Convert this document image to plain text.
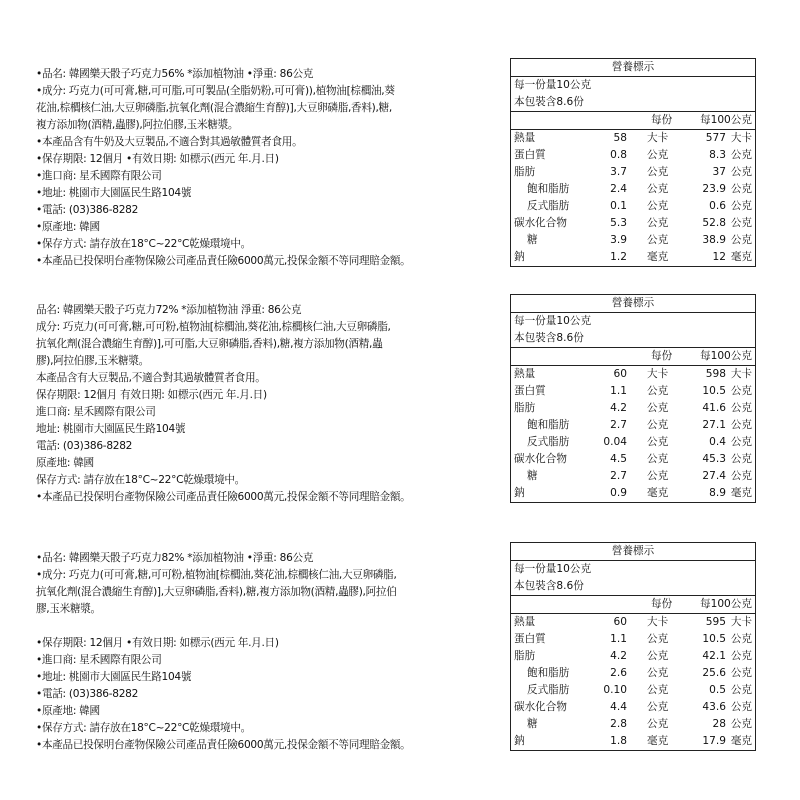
•品名: 韓國樂天骰子巧克力56% *添加植物油 •淨重: 86公克
•成分: 巧克力(可可膏,糖,可可脂,可可製品(全脂奶粉,可可膏)),植物油[棕櫚油,葵
花油,棕櫚核仁油,大豆卵磷脂,抗氧化劑(混合濃縮生育醇)],大豆卵磷脂,香料),糖,
複方添加物(酒精,蟲膠),阿拉伯膠,玉米糖漿。
•本產品含有牛奶及大豆製品,不適合對其過敏體質者食用。
•保存期限: 12個月 •有效日期: 如標示(西元 年.月.日)
•進口商: 星禾國際有限公司
•地址: 桃園市大園區民生路104號
•電話: (03)386-8282
•原產地: 韓國
•保存方式: 請存放在18°C~22°C乾燥環境中。
•本產品已投保明台產物保險公司產品責任險6000萬元,投保金額不等同理賠金額。
營養標示
每一份量10公克
本包裝含8.6份
每份	每100公克
熱量	58 大卡	577 大卡
蛋白質	0.8 公克	8.3 公克
脂肪	3.7 公克	37 公克
飽和脂肪	2.4 公克	23.9 公克
反式脂肪	0.1 公克	0.6 公克
碳水化合物	5.3 公克	52.8 公克
糖	3.9 公克	38.9 公克
鈉	1.2 毫克	12 毫克
品名: 韓國樂天骰子巧克力72% *添加植物油 淨重: 86公克
成分: 巧克力(可可膏,糖,可可粉,植物油[棕櫚油,葵花油,棕櫚核仁油,大豆卵磷脂,
抗氧化劑(混合濃縮生育醇)],可可脂,大豆卵磷脂,香料),糖,複方添加物(酒精,蟲
膠),阿拉伯膠,玉米糖漿。
本產品含有大豆製品,不適合對其過敏體質者食用。
保存期限: 12個月 有效日期: 如標示(西元 年.月.日)
進口商: 星禾國際有限公司
地址: 桃園市大園區民生路104號
電話: (03)386-8282
原產地: 韓國
保存方式: 請存放在18°C~22°C乾燥環境中。
•本產品已投保明台產物保險公司產品責任險6000萬元,投保金額不等同理賠金額。
營養標示
每一份量10公克
本包裝含8.6份
每份	每100公克
熱量	60 大卡	598 大卡
蛋白質	1.1 公克	10.5 公克
脂肪	4.2 公克	41.6 公克
飽和脂肪	2.7 公克	27.1 公克
反式脂肪	0.04 公克	0.4 公克
碳水化合物	4.5 公克	45.3 公克
糖	2.7 公克	27.4 公克
鈉	0.9 毫克	8.9 毫克
•品名: 韓國樂天骰子巧克力82% *添加植物油 •淨重: 86公克
•成分: 巧克力(可可膏,糖,可可粉,植物油[棕櫚油,葵花油,棕櫚核仁油,大豆卵磷脂,
抗氧化劑(混合濃縮生育醇)],大豆卵磷脂,香料),糖,複方添加物(酒精,蟲膠),阿拉伯
膠,玉米糖漿。
•保存期限: 12個月 •有效日期: 如標示(西元 年.月.日)
•進口商: 星禾國際有限公司
•地址: 桃園市大園區民生路104號
•電話: (03)386-8282
•原產地: 韓國
•保存方式: 請存放在18°C~22°C乾燥環境中。
•本產品已投保明台產物保險公司產品責任險6000萬元,投保金額不等同理賠金額。
營養標示
每一份量10公克
本包裝含8.6份
每份	每100公克
熱量	60 大卡	595 大卡
蛋白質	1.1 公克	10.5 公克
脂肪	4.2 公克	42.1 公克
飽和脂肪	2.6 公克	25.6 公克
反式脂肪	0.10 公克	0.5 公克
碳水化合物	4.4 公克	43.6 公克
糖	2.8 公克	28 公克
鈉	1.8 毫克	17.9 毫克
